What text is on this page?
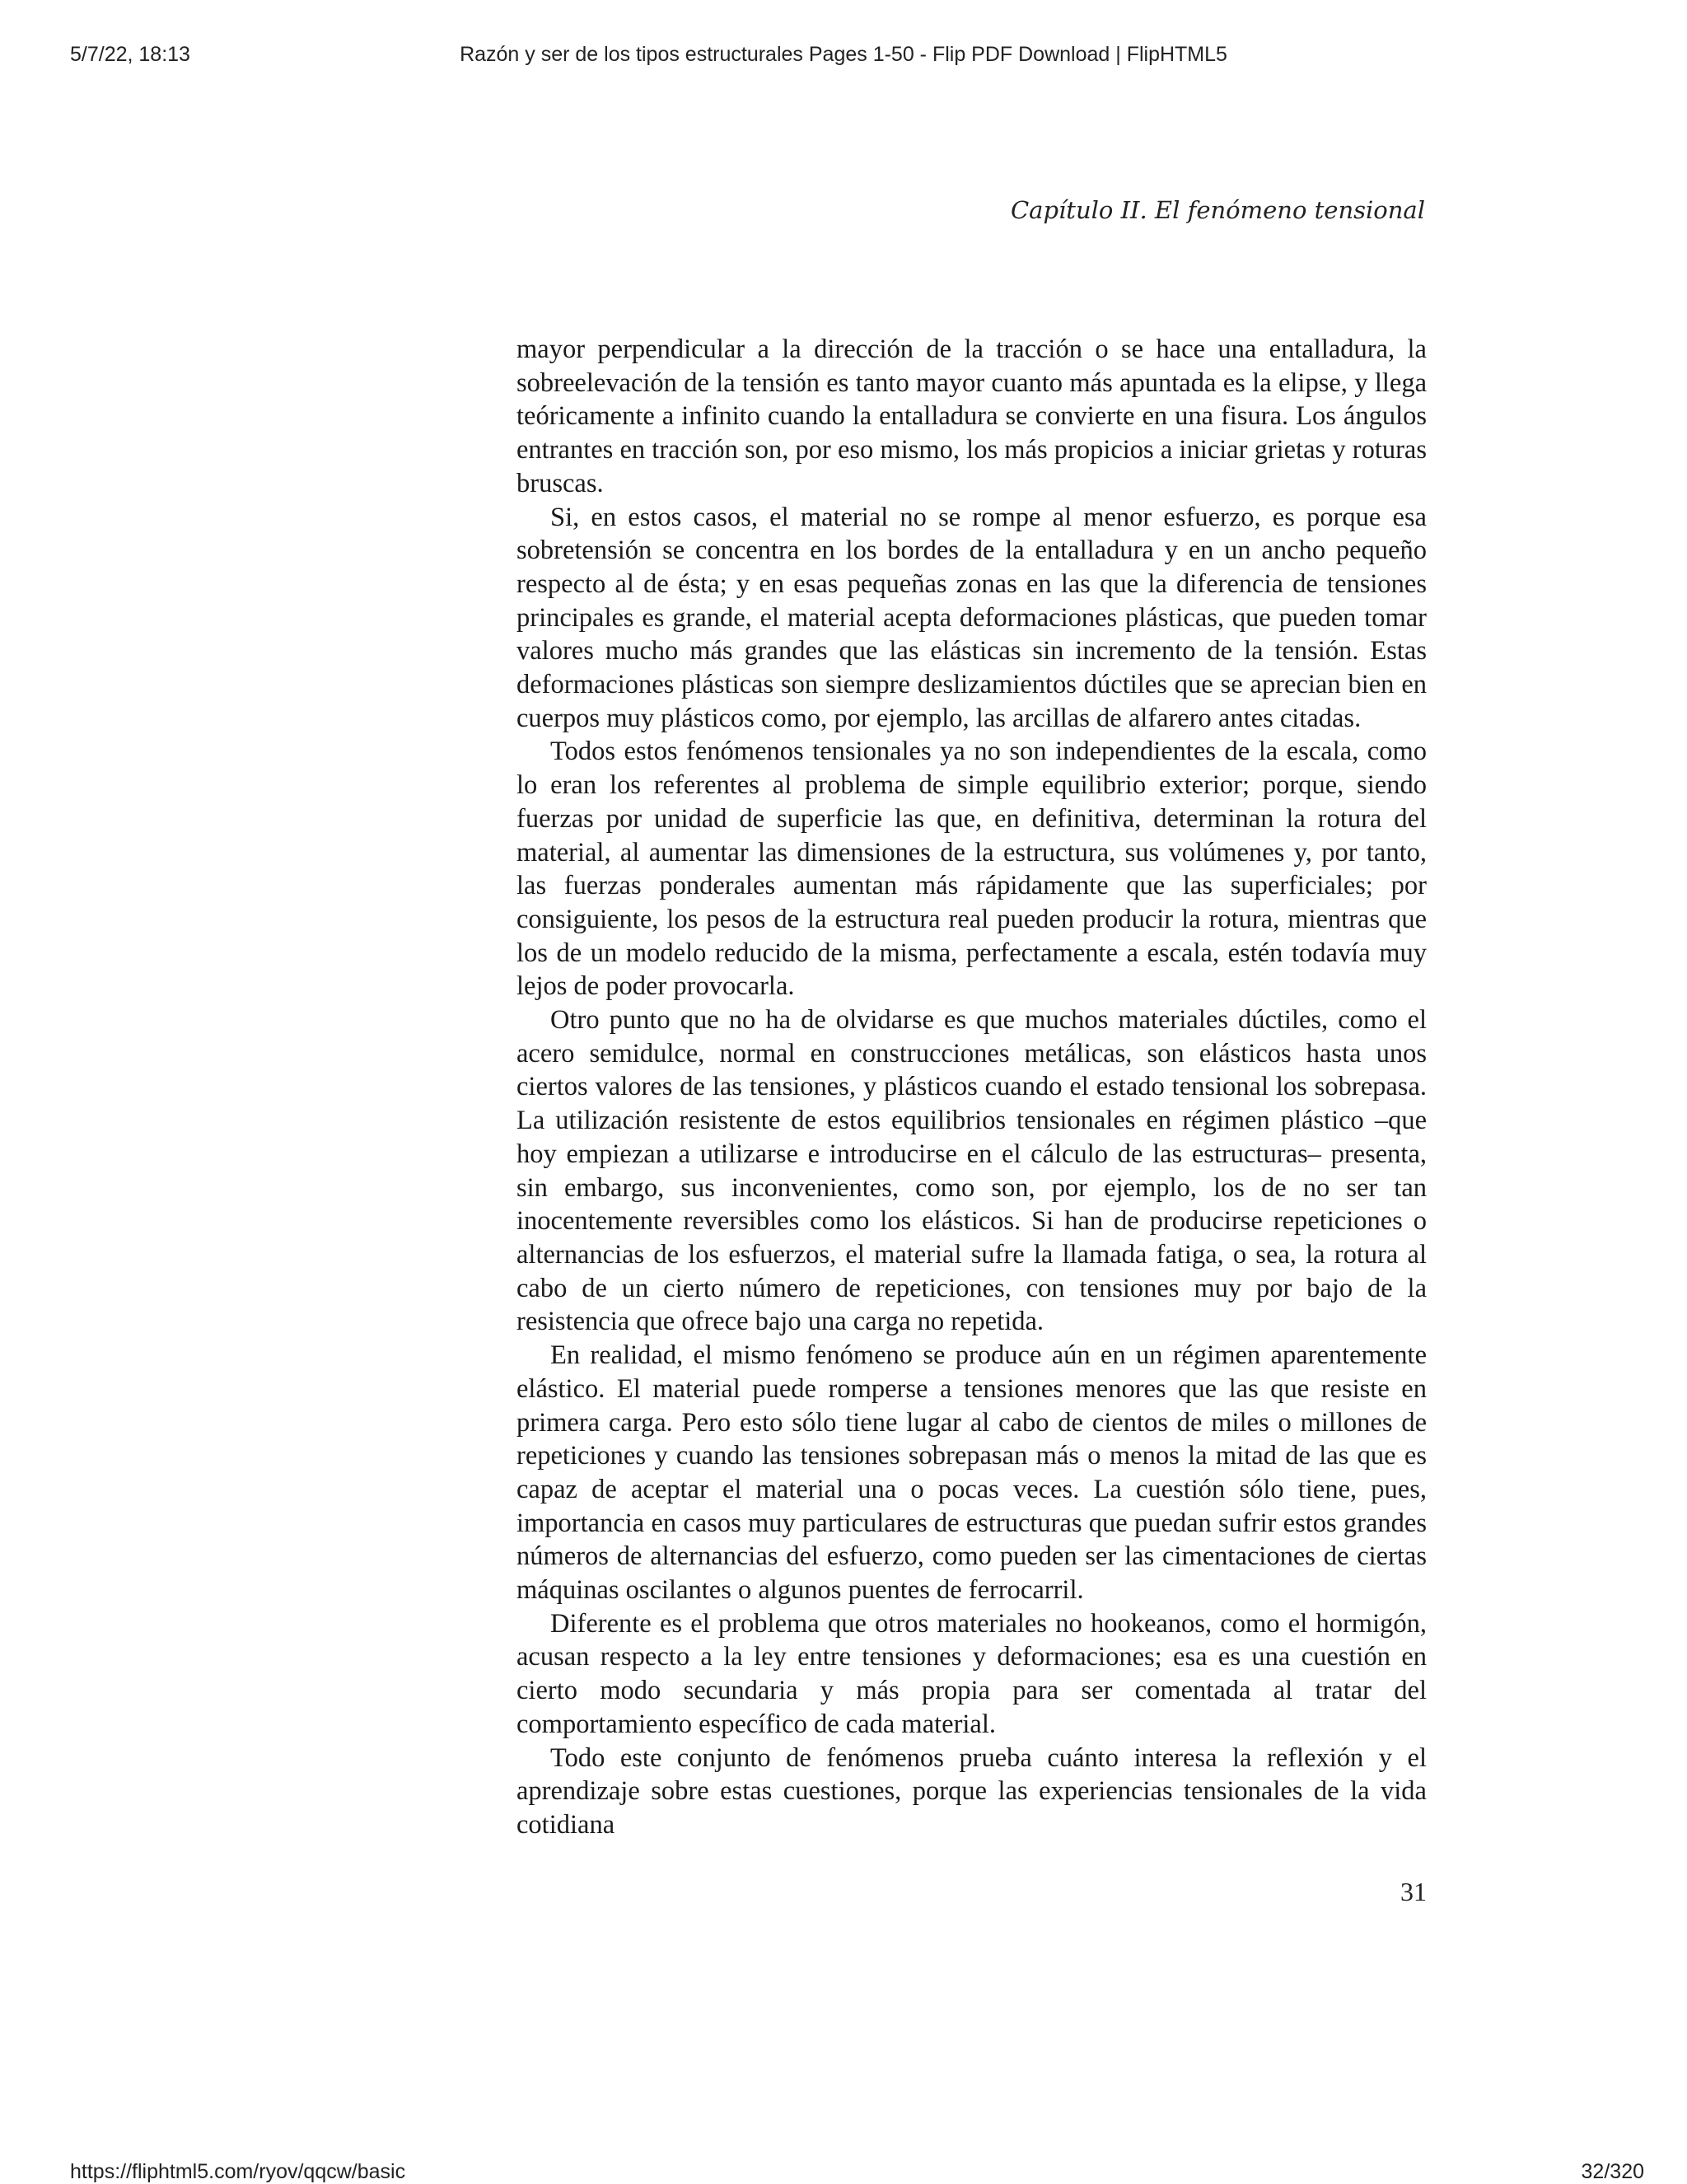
5/7/22, 18:13	Razón y ser de los tipos estructurales Pages 1-50 - Flip PDF Download | FlipHTML5
Capítulo II. El fenómeno tensional

mayor perpendicular a la dirección de la tracción o se hace una entalladura, la sobreelevación de la tensión es tanto mayor cuanto más apuntada es la elipse, y llega teóricamente a infinito cuando la entalladura se convierte en una fisura. Los ángulos entrantes en tracción son, por eso mismo, los más propicios a iniciar grietas y roturas bruscas.

Si, en estos casos, el material no se rompe al menor esfuerzo, es porque esa sobretensión se concentra en los bordes de la entalladura y en un ancho pequeño respecto al de ésta; y en esas pequeñas zonas en las que la diferencia de tensiones principales es grande, el material acepta deformaciones plásticas, que pueden tomar valores mucho más grandes que las elásticas sin incremento de la tensión. Estas deformaciones plásticas son siempre deslizamientos dúctiles que se aprecian bien en cuerpos muy plásticos como, por ejemplo, las arcillas de alfarero antes citadas.

Todos estos fenómenos tensionales ya no son independientes de la escala, como lo eran los referentes al problema de simple equilibrio exterior; porque, siendo fuerzas por unidad de superficie las que, en definitiva, determinan la rotura del material, al aumentar las dimensiones de la estructura, sus volúmenes y, por tanto, las fuerzas ponderales aumentan más rápidamente que las superficiales; por consiguiente, los pesos de la estructura real pueden producir la rotura, mientras que los de un modelo reducido de la misma, perfectamente a escala, estén todavía muy lejos de poder provocarla.

Otro punto que no ha de olvidarse es que muchos materiales dúctiles, como el acero semidulce, normal en construcciones metálicas, son elásticos hasta unos ciertos valores de las tensiones, y plásticos cuando el estado tensional los sobrepasa. La utilización resistente de estos equilibrios tensionales en régimen plástico –que hoy empiezan a utilizarse e introducirse en el cálculo de las estructuras– presenta, sin embargo, sus inconvenientes, como son, por ejemplo, los de no ser tan inocentemente reversibles como los elásticos. Si han de producirse repeticiones o alternancias de los esfuerzos, el material sufre la llamada fatiga, o sea, la rotura al cabo de un cierto número de repeticiones, con tensiones muy por bajo de la resistencia que ofrece bajo una carga no repetida.

En realidad, el mismo fenómeno se produce aún en un régimen aparentemente elástico. El material puede romperse a tensiones menores que las que resiste en primera carga. Pero esto sólo tiene lugar al cabo de cientos de miles o millones de repeticiones y cuando las tensiones sobrepasan más o menos la mitad de las que es capaz de aceptar el material una o pocas veces. La cuestión sólo tiene, pues, importancia en casos muy particulares de estructuras que puedan sufrir estos grandes números de alternancias del esfuerzo, como pueden ser las cimentaciones de ciertas máquinas oscilantes o algunos puentes de ferrocarril.

Diferente es el problema que otros materiales no hookeanos, como el hormigón, acusan respecto a la ley entre tensiones y deformaciones; esa es una cuestión en cierto modo secundaria y más propia para ser comentada al tratar del comportamiento específico de cada material.

Todo este conjunto de fenómenos prueba cuánto interesa la reflexión y el aprendizaje sobre estas cuestiones, porque las experiencias tensionales de la vida cotidiana

31
https://fliphtml5.com/ryov/qqcw/basic	32/320
